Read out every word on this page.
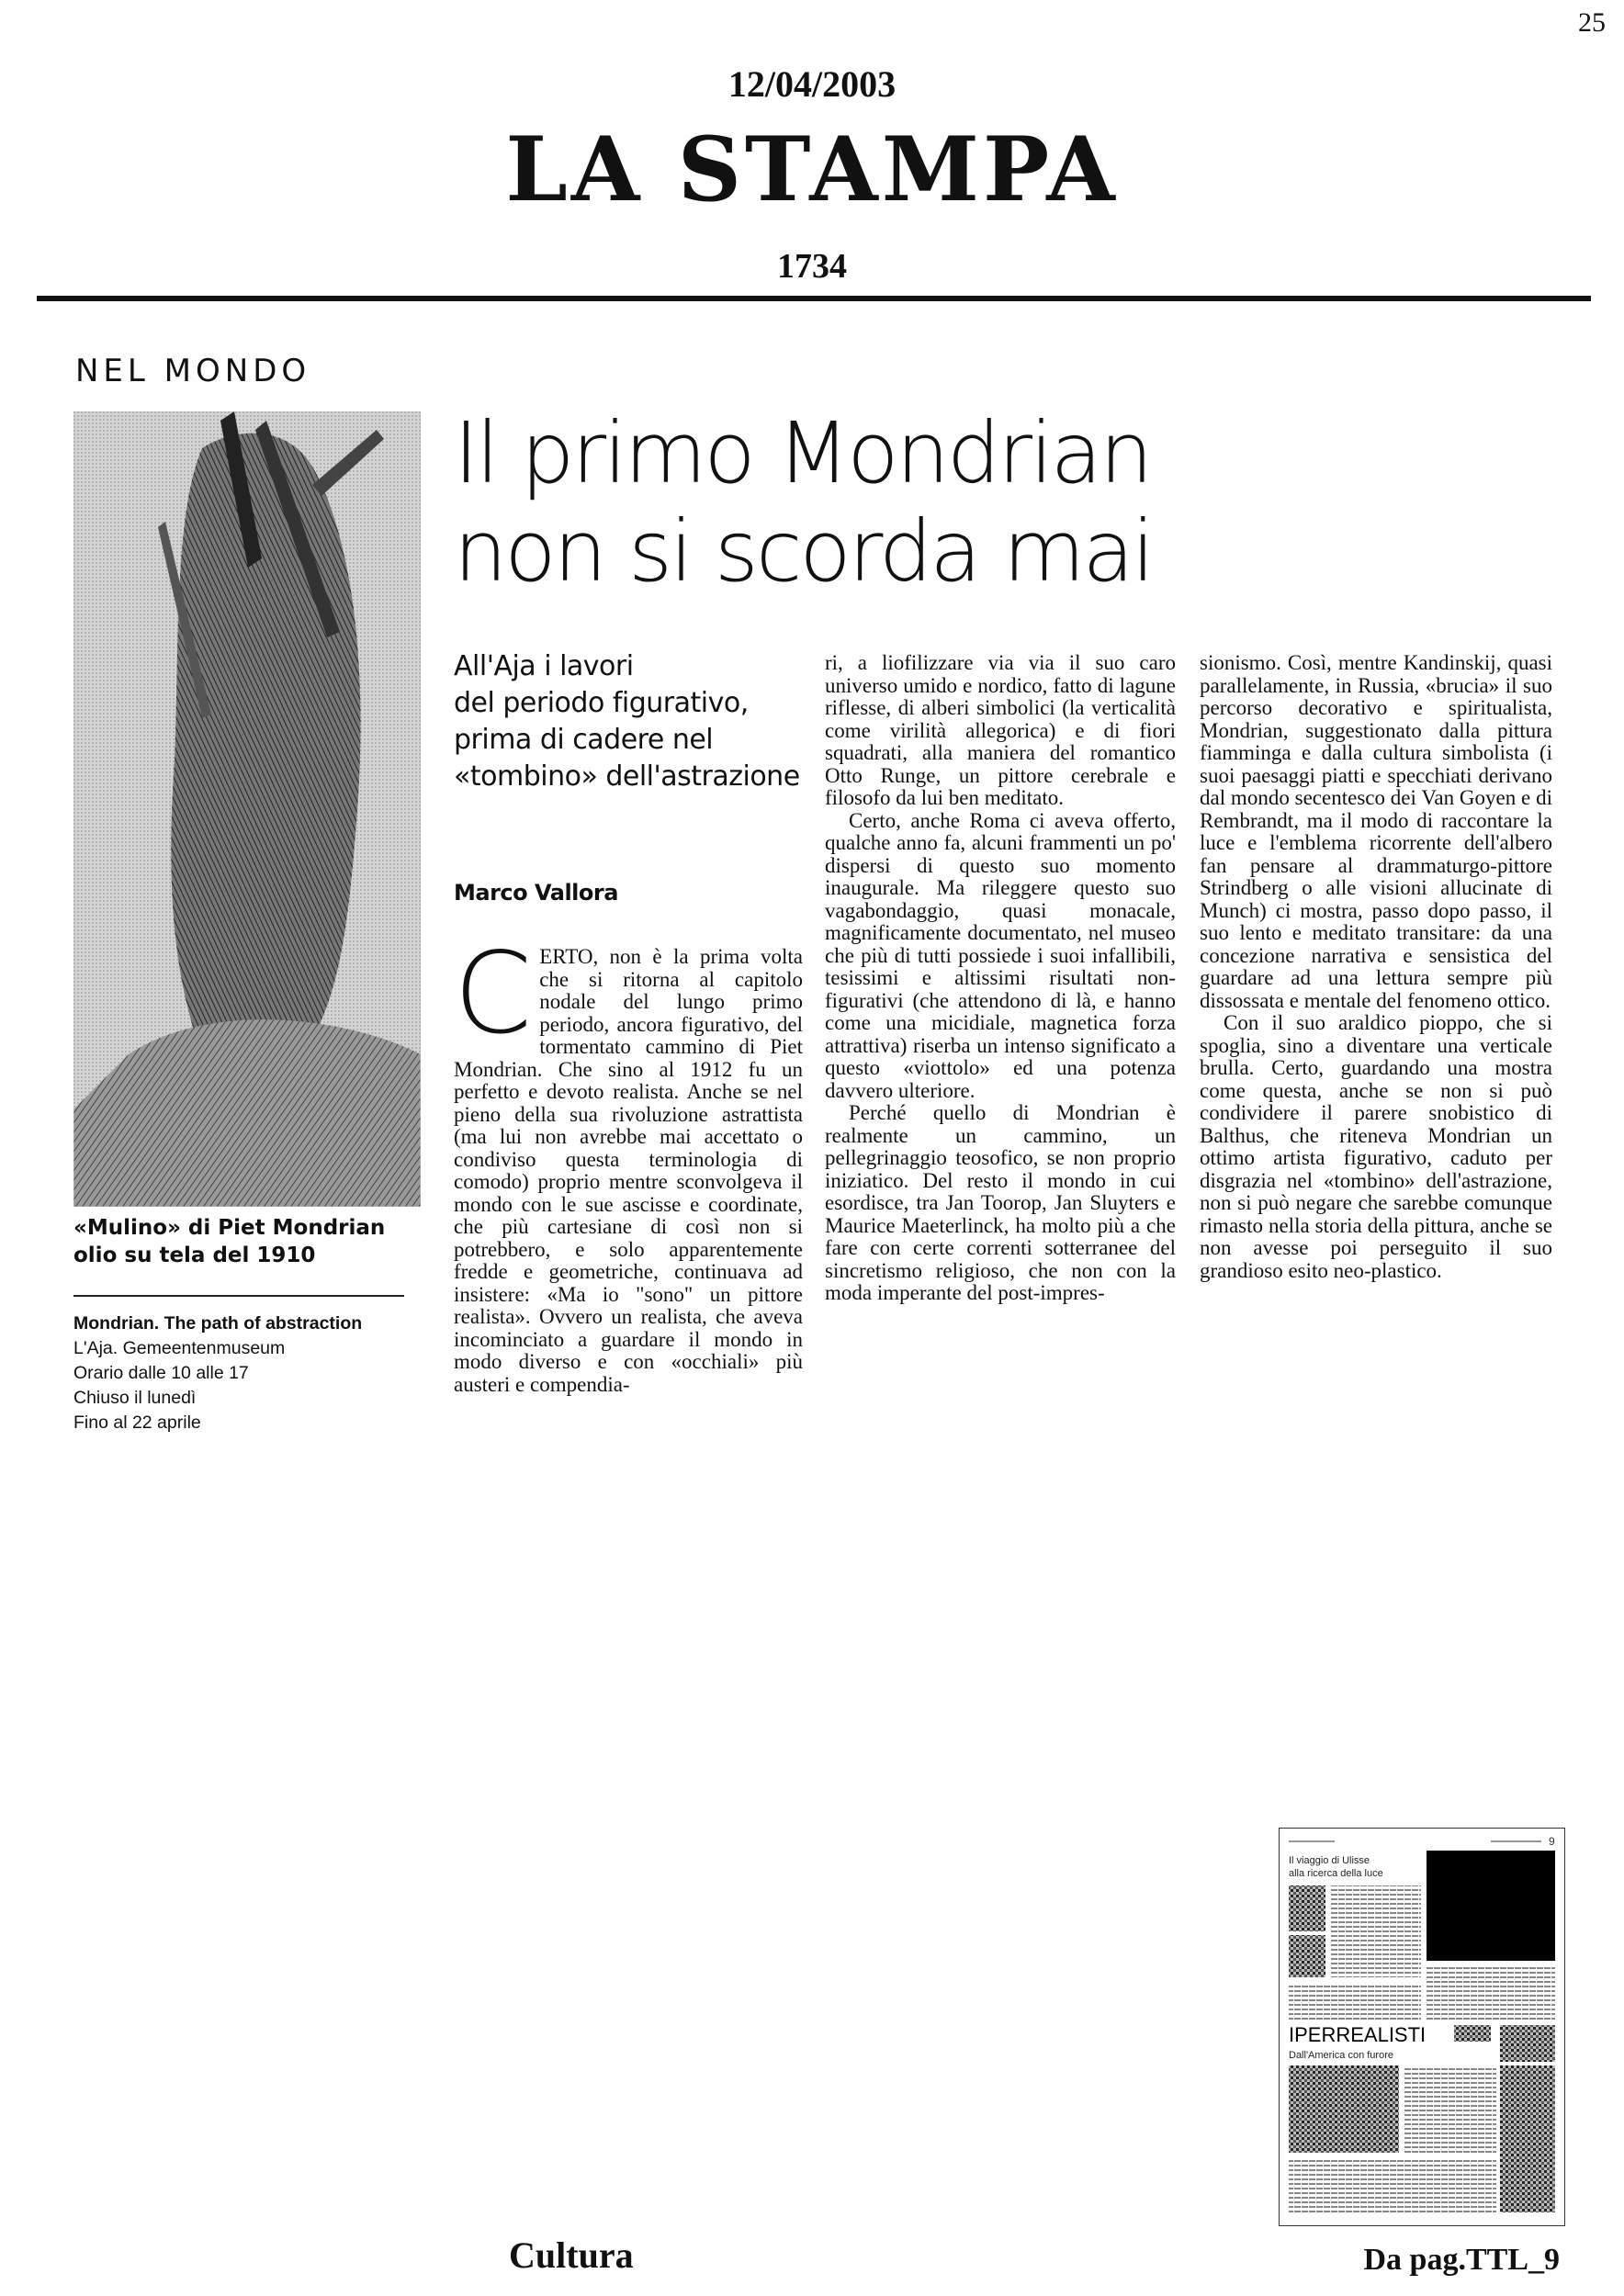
25
12/04/2003
LA STAMPA
1734
NEL MONDO
«Mulino» di Piet Mondrian
olio su tela del 1910
Mondrian. The path of abstraction
L'Aja. Gemeentenmuseum
Orario dalle 10 alle 17
Chiuso il lunedì
Fino al 22 aprile
Il primo Mondrian
non si scorda mai
All'Aja i lavori
del periodo figurativo,
prima di cadere nel
«tombino» dell'astrazione
Marco Vallora

CERTO, non è la prima volta che si ritorna al capitolo nodale del lungo primo periodo, ancora figurativo, del tormentato cammino di Piet Mondrian. Che sino al 1912 fu un perfetto e devoto realista. Anche se nel pieno della sua rivoluzione astrattista (ma lui non avrebbe mai accettato o condiviso questa terminologia di comodo) proprio mentre sconvolgeva il mondo con le sue ascisse e coordinate, che più cartesiane di così non si potrebbero, e solo apparentemente fredde e geometriche, continuava ad insistere: «Ma io "sono" un pittore realista». Ovvero un realista, che aveva incominciato a guardare il mondo in modo diverso e con «occhiali» più austeri e compendia-

ri, a liofilizzare via via il suo caro universo umido e nordico, fatto di lagune riflesse, di alberi simbolici (la verticalità come virilità allegorica) e di fiori squadrati, alla maniera del romantico Otto Runge, un pittore cerebrale e filosofo da lui ben meditato.

Certo, anche Roma ci aveva offerto, qualche anno fa, alcuni frammenti un po' dispersi di questo suo momento inaugurale. Ma rileggere questo suo vagabondaggio, quasi monacale, magnificamente documentato, nel museo che più di tutti possiede i suoi infallibili, tesissimi e altissimi risultati non-figurativi (che attendono di là, e hanno come una micidiale, magnetica forza attrattiva) riserba un intenso significato a questo «viottolo» ed una potenza davvero ulteriore.

Perché quello di Mondrian è realmente un cammino, un pellegrinaggio teosofico, se non proprio iniziatico. Del resto il mondo in cui esordisce, tra Jan Toorop, Jan Sluyters e Maurice Maeterlinck, ha molto più a che fare con certe correnti sotterranee del sincretismo religioso, che non con la moda imperante del post-impres-

sionismo. Così, mentre Kandinskij, quasi parallelamente, in Russia, «brucia» il suo percorso decorativo e spiritualista, Mondrian, suggestionato dalla pittura fiamminga e dalla cultura simbolista (i suoi paesaggi piatti e specchiati derivano dal mondo secentesco dei Van Goyen e di Rembrandt, ma il modo di raccontare la luce e l'emblema ricorrente dell'albero fan pensare al drammaturgo-pittore Strindberg o alle visioni allucinate di Munch) ci mostra, passo dopo passo, il suo lento e meditato transitare: da una concezione narrativa e sensistica del guardare ad una lettura sempre più dissossata e mentale del fenomeno ottico.

Con il suo araldico pioppo, che si spoglia, sino a diventare una verticale brulla. Certo, guardando una mostra come questa, anche se non si può condividere il parere snobistico di Balthus, che riteneva Mondrian un ottimo artista figurativo, caduto per disgrazia nel «tombino» dell'astrazione, non si può negare che sarebbe comunque rimasto nella storia della pittura, anche se non avesse poi perseguito il suo grandioso esito neo-plastico.

9
Il viaggio di Ulisse
alla ricerca della luce
IPERREALISTI
Dall'America con furore
Cultura	Da pag.TTL_9
